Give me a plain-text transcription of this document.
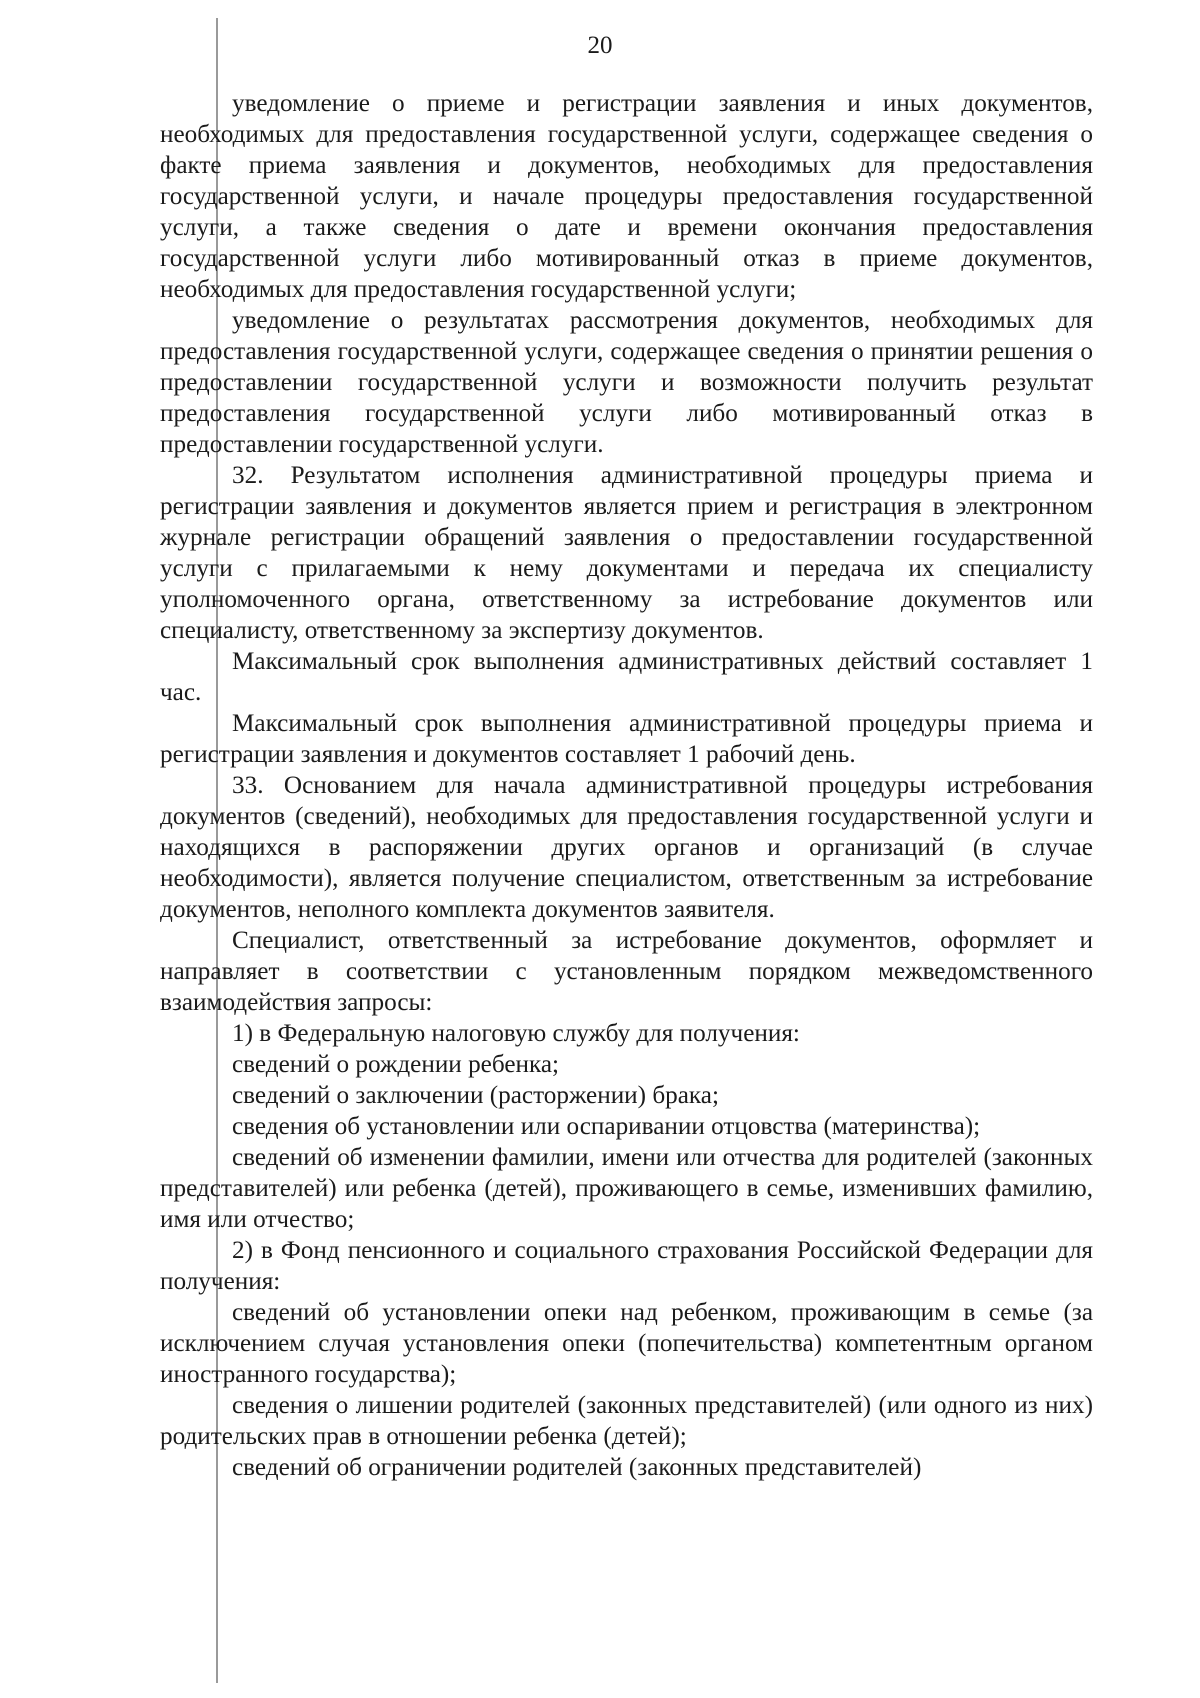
20

уведомление о приеме и регистрации заявления и иных документов, необходимых для предоставления государственной услуги, содержащее сведения о факте приема заявления и документов, необходимых для предоставления государственной услуги, и начале процедуры предоставления государственной услуги, а также сведения о дате и времени окончания предоставления государственной услуги либо мотивированный отказ в приеме документов, необходимых для предоставления государственной услуги;

уведомление о результатах рассмотрения документов, необходимых для предоставления государственной услуги, содержащее сведения о принятии решения о предоставлении государственной услуги и возможности получить результат предоставления государственной услуги либо мотивированный отказ в предоставлении государственной услуги.

32. Результатом исполнения административной процедуры приема и регистрации заявления и документов является прием и регистрация в электронном журнале регистрации обращений заявления о предоставлении государственной услуги с прилагаемыми к нему документами и передача их специалисту уполномоченного органа, ответственному за истребование документов или специалисту, ответственному за экспертизу документов.

Максимальный срок выполнения административных действий составляет 1 час.

Максимальный срок выполнения административной процедуры приема и регистрации заявления и документов составляет 1 рабочий день.

33. Основанием для начала административной процедуры истребования документов (сведений), необходимых для предоставления государственной услуги и находящихся в распоряжении других органов и организаций (в случае необходимости), является получение специалистом, ответственным за истребование документов, неполного комплекта документов заявителя.

Специалист, ответственный за истребование документов, оформляет и направляет в соответствии с установленным порядком межведомственного взаимодействия запросы:

1) в Федеральную налоговую службу для получения:

сведений о рождении ребенка;

сведений о заключении (расторжении) брака;

сведения об установлении или оспаривании отцовства (материнства);

сведений об изменении фамилии, имени или отчества для родителей (законных представителей) или ребенка (детей), проживающего в семье, изменивших фамилию, имя или отчество;

2) в Фонд пенсионного и социального страхования Российской Федерации для получения:

сведений об установлении опеки над ребенком, проживающим в семье (за исключением случая установления опеки (попечительства) компетентным органом иностранного государства);

сведения о лишении родителей (законных представителей) (или одного из них) родительских прав в отношении ребенка (детей);

сведений об ограничении родителей (законных представителей)
